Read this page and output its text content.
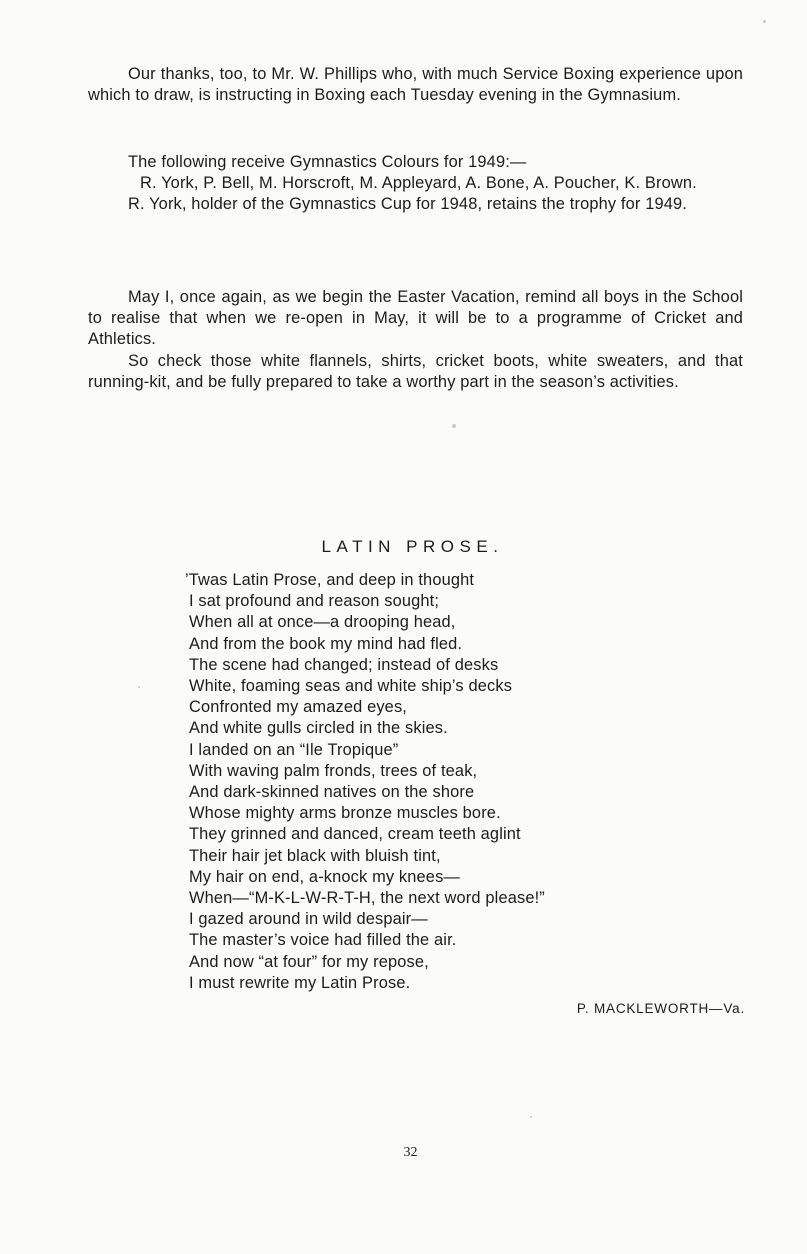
Our thanks, too, to Mr. W. Phillips who, with much Service Boxing experience upon which to draw, is instructing in Boxing each Tuesday evening in the Gymnasium.

The following receive Gymnastics Colours for 1949:—

R. York, P. Bell, M. Horscroft, M. Appleyard, A. Bone, A. Poucher, K. Brown.

R. York, holder of the Gymnastics Cup for 1948, retains the trophy for 1949.

May I, once again, as we begin the Easter Vacation, remind all boys in the School to realise that when we re-open in May, it will be to a programme of Cricket and Athletics.

So check those white flannels, shirts, cricket boots, white sweaters, and that running-kit, and be fully prepared to take a worthy part in the season’s activities.

LATIN PROSE.
’Twas Latin Prose, and deep in thought
I sat profound and reason sought;
When all at once—a drooping head,
And from the book my mind had fled.
The scene had changed; instead of desks
White, foaming seas and white ship’s decks
Confronted my amazed eyes,
And white gulls circled in the skies.
I landed on an “Ile Tropique”
With waving palm fronds, trees of teak,
And dark-skinned natives on the shore
Whose mighty arms bronze muscles bore.
They grinned and danced, cream teeth aglint
Their hair jet black with bluish tint,
My hair on end, a-knock my knees—
When—“M-K-L-W-R-T-H, the next word please!”
I gazed around in wild despair—
The master’s voice had filled the air.
And now “at four” for my repose,
I must rewrite my Latin Prose.
P. MACKLEWORTH—Va.
32
